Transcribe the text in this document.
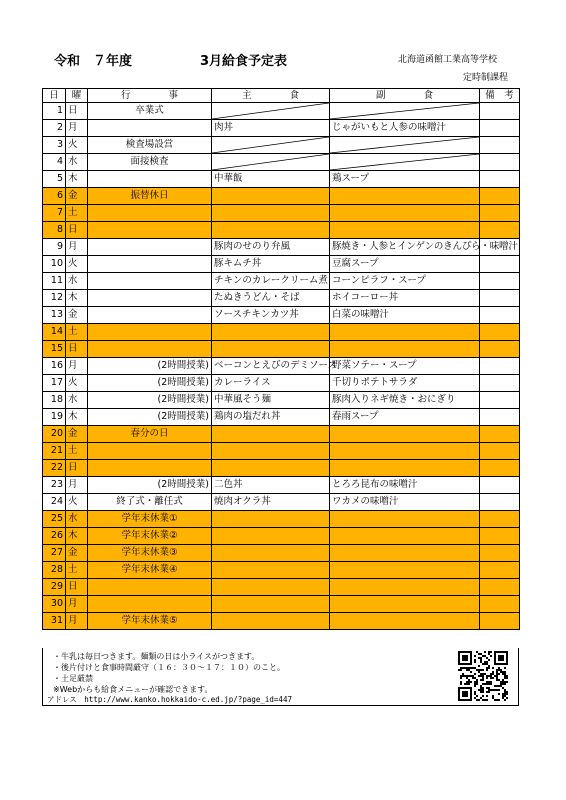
令和　７年度	3月給食予定表	北海道函館工業高等学校
定時制課程
日	曜	行　　　　事	主　　　　食	副　　　　食	備　考
1	日	卒業式	

2	月		肉丼	じゃがいもと人参の味噌汁	
3	火	検査場設営	

4	水	面接検査	

5	木		中華飯	鶏スープ	
6	金	振替休日			
7	土				
8	日				
9	月		豚肉のせのり弁風	豚焼き・人参とインゲンのきんぴら・味噌汁	
10	火		豚キムチ丼	豆腐スープ	
11	水		チキンのカレークリーム煮	コーンピラフ・スープ	
12	木		たぬきうどん・そば	ホイコーロー丼	
13	金		ソースチキンカツ丼	白菜の味噌汁	
14	土				
15	日				
16	月	(2時間授業)	ベーコンとえびのデミソース	野菜ソテー・スープ	
17	火	(2時間授業)	カレーライス	千切りポテトサラダ	
18	水	(2時間授業)	中華風そう麺	豚肉入りネギ焼き・おにぎり	
19	木	(2時間授業)	鶏肉の塩だれ丼	春雨スープ	
20	金	春分の日			
21	土				
22	日				
23	月	(2時間授業)	二色丼	とろろ昆布の味噌汁	
24	火	終了式・離任式	焼肉オクラ丼	ワカメの味噌汁	
25	水	学年末休業①			
26	木	学年末休業②			
27	金	学年末休業③			
28	土	学年末休業④			
29	日				
30	月				
31	月	学年末休業⑤			
・牛乳は毎日つきます。麺類の日は小ライスがつきます。
・後片付けと食事時間厳守（１６：３０～１７：１０）のこと。
・土足厳禁
※Webからも給食メニューが確認できます。
アドレス　http://www.kanko.hokkaido-c.ed.jp/?page_id=447
